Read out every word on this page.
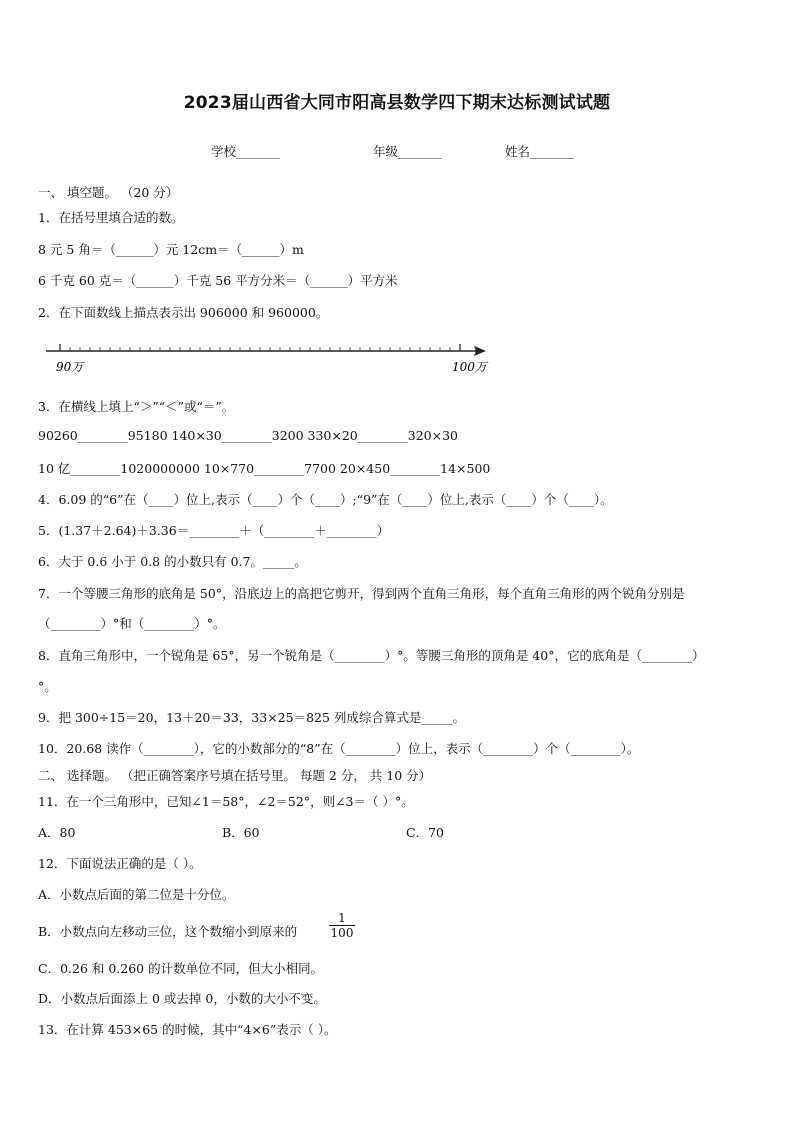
2023届山西省大同市阳高县数学四下期末达标测试试题
学校_______	年级_______	姓名_______
一、 填空题。 （20 分）
1．在括号里填合适的数。
8 元 5 角＝（______）元 12cm＝（______）m
6 千克 60 克＝（______）千克 56 平方分米＝（______）平方米
2．在下面数线上描点表示出 906000 和 960000。
90万	100万
3．在横线上填上“＞”“＜”或“＝”。
90260________95180 140×30________3200 330×20________320×30
10 亿________1020000000 10×770________7700 20×450________14×500
4．6.09 的“6”在（____）位上,表示（____）个（____）;“9”在（____）位上,表示（____）个（____）。
5．(1.37＋2.64)＋3.36＝________＋（________＋________）
6．大于 0.6 小于 0.8 的小数只有 0.7。_____。
7．一个等腰三角形的底角是 50°，沿底边上的高把它剪开，得到两个直角三角形，每个直角三角形的两个锐角分别是
（________）°和（________）°。
8．直角三角形中，一个锐角是 65°，另一个锐角是（________）°。等腰三角形的顶角是 40°，它的底角是（________）
°。
9．把 300÷15＝20，13＋20＝33，33×25＝825 列成综合算式是_____。
10．20.68 读作（________），它的小数部分的“8”在（________）位上，表示（________）个（________）。
二、 选择题。 （把正确答案序号填在括号里。 每题 2 分， 共 10 分）
11．在一个三角形中，已知∠1＝58°，∠2＝52°，则∠3＝（ ）°。
A．80	B．60	C．70
12．下面说法正确的是（ ）。
A．小数点后面的第二位是十分位。
B．小数点向左移动三位，这个数缩小到原来的	$\frac{1}{100}$
C．0.26 和 0.260 的计数单位不同，但大小相同。
D．小数点后面添上 0 或去掉 0，小数的大小不变。
13．在计算 453×65 的时候，其中“4×6”表示（ ）。
